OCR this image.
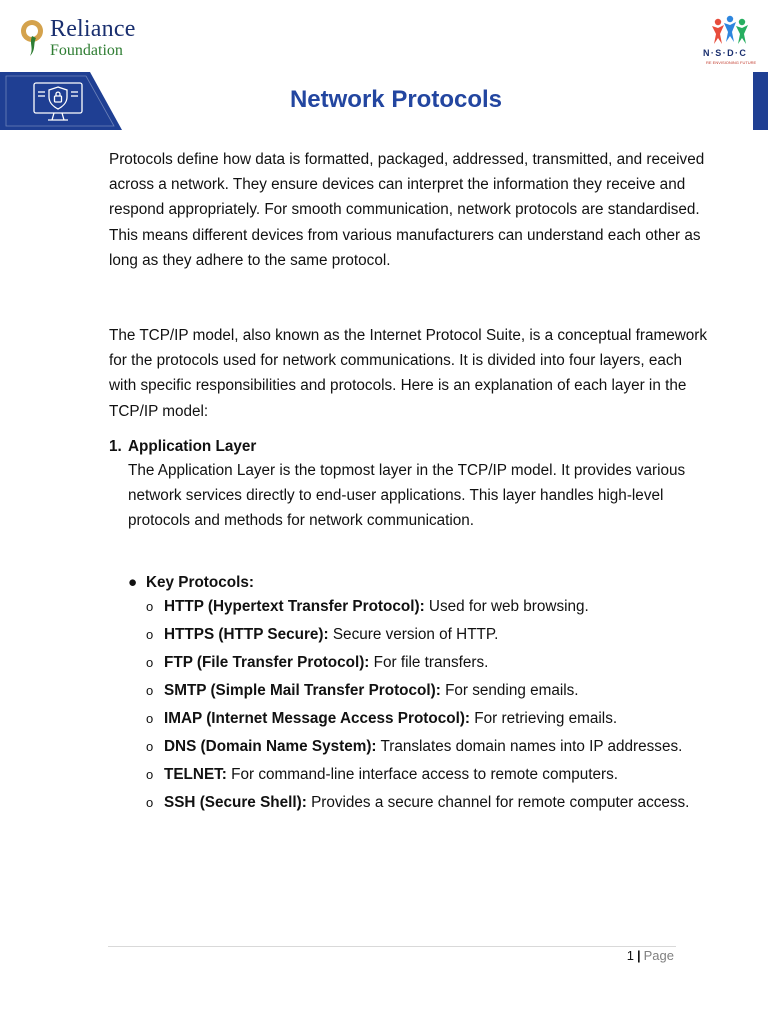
Reliance
Foundation	N·S·D·C
RE ENVISIONING FUTURE
Network Protocols
Protocols define how data is formatted, packaged, addressed, transmitted, and received across a network. They ensure devices can interpret the information they receive and respond appropriately. For smooth communication, network protocols are standardised. This means different devices from various manufacturers can understand each other as long as they adhere to the same protocol.
The TCP/IP model, also known as the Internet Protocol Suite, is a conceptual framework for the protocols used for network communications. It is divided into four layers, each with specific responsibilities and protocols. Here is an explanation of each layer in the TCP/IP model:
1. Application Layer
The Application Layer is the topmost layer in the TCP/IP model. It provides various network services directly to end-user applications. This layer handles high-level protocols and methods for network communication.
● Key Protocols:
o HTTP (Hypertext Transfer Protocol): Used for web browsing.
o HTTPS (HTTP Secure): Secure version of HTTP.
o FTP (File Transfer Protocol): For file transfers.
o SMTP (Simple Mail Transfer Protocol): For sending emails.
o IMAP (Internet Message Access Protocol): For retrieving emails.
o DNS (Domain Name System): Translates domain names into IP addresses.
o TELNET: For command-line interface access to remote computers.
o SSH (Secure Shell): Provides a secure channel for remote computer access.
1 | Page
